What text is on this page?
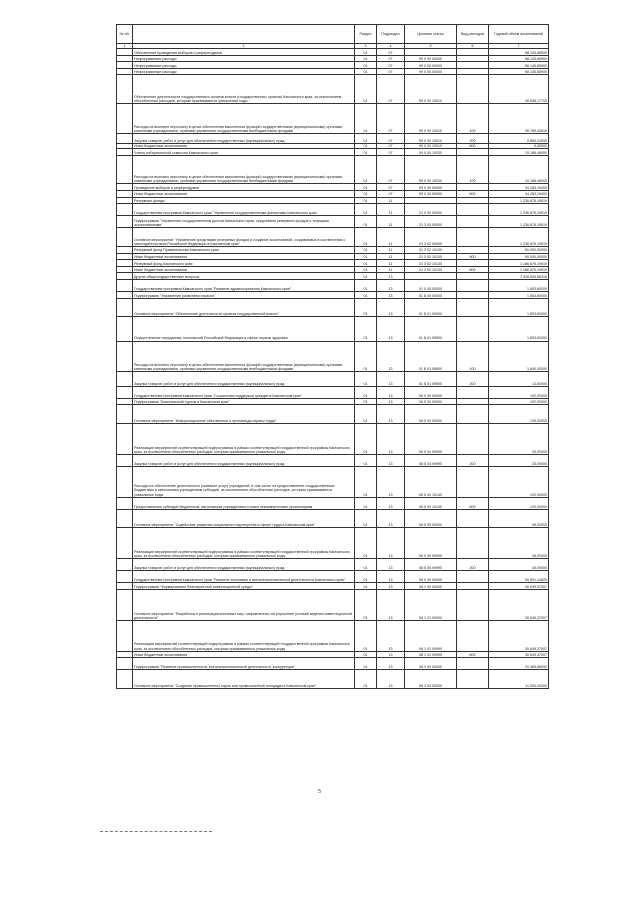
№ п/п		Раздел	Подраздел	Целевая статья	Вид расходов	Годовой объем ассигнований
1	2	3	4	5	6	7
	Обеспечение проведения выборов и референдумов	01	07			88 145,85900
	Непрограммные расходы	01	07	99 0 00 00000		88 145,85900
	Непрограммные расходы	01	07	99 0 00 00000		88 145,85900
	Непрограммные расходы	01	07	99 0 00 00000		88 145,85900
	Обеспечение деятельности государственных органов власти (государственных органов) Камчатского края, за исключением обособленных расходов, которым присваиваются уникальные коды	01	07	99 0 00 10010		45 648,17700
	Расходы на выплаты персоналу в целях обеспечения выполнения функций государственными (муниципальными) органами, казенными учреждениями, органами управления государственными внебюджетными фондами	01	07	99 0 00 10010	100	39 789,42610
	Закупка товаров, работ и услуг для обеспечения государственных (муниципальных) нужд	01	07	99 0 00 10010	200	5 860,24090
	Иные бюджетные ассигнования	01	07	99 0 00 10010	800	0,55500
	Члены избирательной комиссии Камчатского края	01	07	99 0 00 10030		10 188,46900
	Расходы на выплаты персоналу в целях обеспечения выполнения функций государственными (муниципальными) органами, казенными учреждениями, органами управления государственными внебюджетными фондами	01	07	99 0 00 10030	100	10 188,46900
	Проведение выборов и референдумов	01	07	99 0 00 90050		34 283,19400
	Иные бюджетные ассигнования	01	07	99 0 00 90050	800	34 283,19400
	Резервные фонды	01	11			1 236 876,19519
	Государственная программа Камчатского края "Управление государственными финансами Камчатского края"	01	11	21 0 00 00000		1 236 876,19519
	Подпрограмма "Управление государственным долгом Камчатского края, средствами резервных фондов и текущими ассигнованиями"	01	11	21 3 00 00000		1 236 876,19519
	Основное мероприятие "Управление средствами резервных фондов и создание ассигнований, создаваемых в соответствии с законодательством Российской Федерации в Камчатском крае"	01	11	21 3 02 00000		1 236 876,19519
	Резервный фонд Правительства Камчатского края	01	11	21 3 02 10100		50 000,00000
	Иные бюджетные ассигнования	01	11	21 3 02 10100	800	50 000,00000
	Резервный фонд Камчатского края	01	11	21 3 02 10130		1 186 876,19519
	Иные бюджетные ассигнования	01	11	21 3 02 10130	800	1 186 876,19519
	Другие общегосударственные вопросы	01	13			7 326 609,86316
	Государственная программа Камчатского края "Развитие здравоохранения Камчатского края"	01	13	01 0 00 00000		1 853,60000
	Подпрограмма "Управление развитием отрасли"	01	13	01 Б 00 00000		1 853,60000
	Основное мероприятие "Обеспечение деятельности органов государственной власти"	01	13	01 Б 01 00000		1 853,60000
	Осуществление переданных полномочий Российской Федерации в сфере охраны здоровья	01	13	01 Б 01 59800		1 853,60000
	Расходы на выплаты персоналу в целях обеспечения выполнения функций государственными (муниципальными) органами, казенными учреждениями, органами управления государственными внебюджетными фондами	01	13	01 Б 01 59800	100	1 840,00000
	Закупка товаров, работ и услуг для обеспечения государственных (муниципальных) нужд	01	13	01 Б 01 59800	200	13,60000
	Государственная программа Камчатского края "Социальная поддержка граждан в Камчатском крае"	01	13	06 0 00 00000		192,00000
	Подпрограмма "Комплексный туризм в Камчатском крае"	01	13	06 5 00 00000		192,00000
	Основное мероприятие "Информационное обеспечение и пропаганда охраны труда"	01	13	06 5 04 00000		145,00000
	Реализация мероприятий соответствующей подпрограммы в рамках соответствующей государственной программы Камчатского края, за исключением обособленных расходов, которым присваиваются уникальные коды	01	13	06 5 04 09990		25,00000
	Закупка товаров, работ и услуг для обеспечения государственных (муниципальных) нужд	01	13	06 5 04 09990	200	25,00000
	Расходы на обеспечение деятельности (оказание услуг) учреждений, в том числе на предоставление государственным бюджетным и автономным учреждениям субсидий, за исключением обособленных расходов, которым присваиваются уникальные коды	01	13	06 5 04 10140		120,00000
	Предоставление субсидий бюджетным, автономным учреждениям и иным некоммерческим организациям	01	13	06 5 04 10140	600	120,00000
	Основное мероприятие "Содействие развитию социального партнерства в сфере труда в Камчатском крае"	01	13	06 5 05 00000		45,00000
	Реализация мероприятий соответствующей подпрограммы в рамках соответствующей государственной программы Камчатского края, за исключением обособленных расходов, которым присваиваются уникальные коды	01	13	06 5 05 09990		45,00000
	Закупка товаров, работ и услуг для обеспечения государственных (муниципальных) нужд	01	13	06 5 05 09990	200	45,00000
	Государственная программа Камчатского края "Развитие экономики и внешнеэкономической деятельности Камчатского края"	01	13	08 0 00 00000		50 601,14825
	Подпрограмма "Формирование благоприятной инвестиционной среды"	01	13	08 1 00 00000		30 649,37007
	Основное мероприятие "Разработка и реализация ключевых мер, направленных на улучшение условий ведения инвестиционной деятельности"	01	13	08 1 01 00000		30 649,37007
	Реализация мероприятий соответствующей подпрограммы в рамках соответствующей государственной программы Камчатского края, за исключением обособленных расходов, которым присваиваются уникальные коды	01	13	08 1 01 09990		30 649,37007
	Иные бюджетные ассигнования	01	13	08 1 01 09990	800	30 649,37007
	Подпрограмма "Развитие промышленности, внешнеэкономической деятельности, конкуренции"	01	13	08 3 00 00000		20 365,86092
	Основное мероприятие "Создание промышленного парка или промышленной площадки в Камчатском крае"	01	13	08 3 04 00000		11 000,00000
5
